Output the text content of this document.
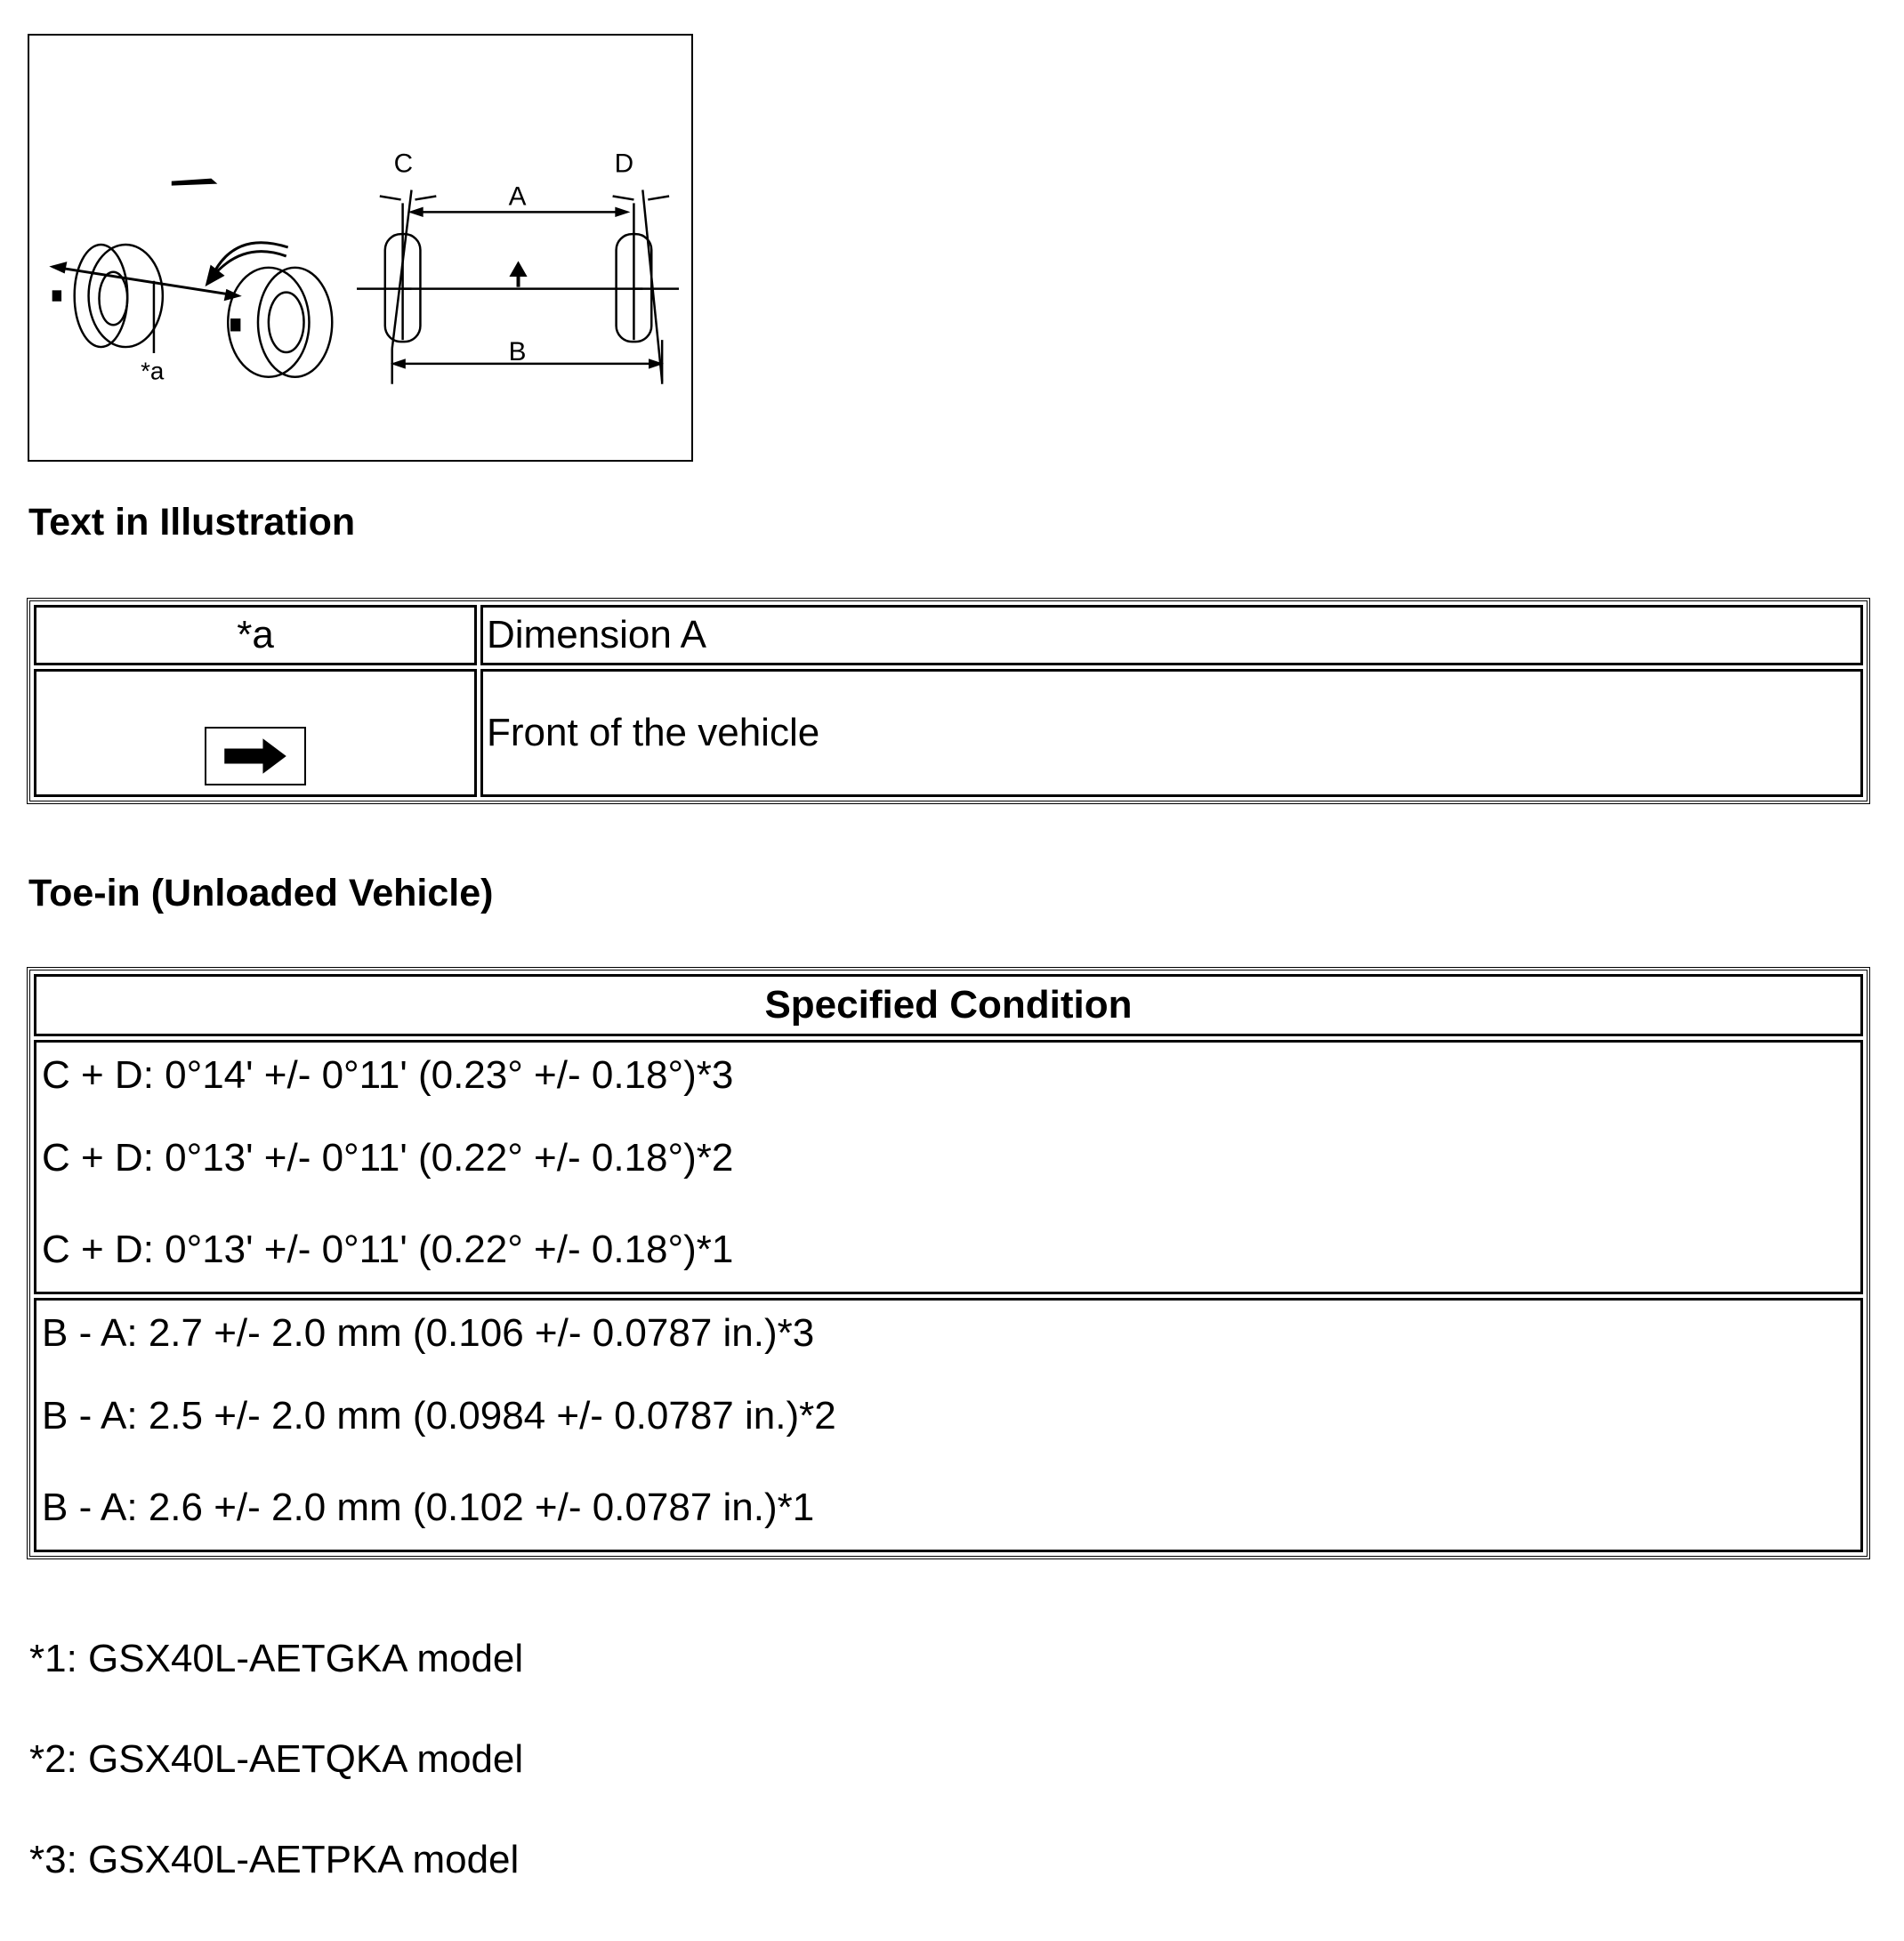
C	D
A
B
*a
Text in Illustration
*a	Dimension A

	Front of the vehicle
Toe-in (Unloaded Vehicle)
Specified Condition

C + D: 0°14' +/- 0°11' (0.23° +/- 0.18°)*3
C + D: 0°13' +/- 0°11' (0.22° +/- 0.18°)*2
C + D: 0°13' +/- 0°11' (0.22° +/- 0.18°)*1

B - A: 2.7 +/- 2.0 mm (0.106 +/- 0.0787 in.)*3
B - A: 2.5 +/- 2.0 mm (0.0984 +/- 0.0787 in.)*2
B - A: 2.6 +/- 2.0 mm (0.102 +/- 0.0787 in.)*1
*1: GSX40L-AETGKA model
*2: GSX40L-AETQKA model
*3: GSX40L-AETPKA model
